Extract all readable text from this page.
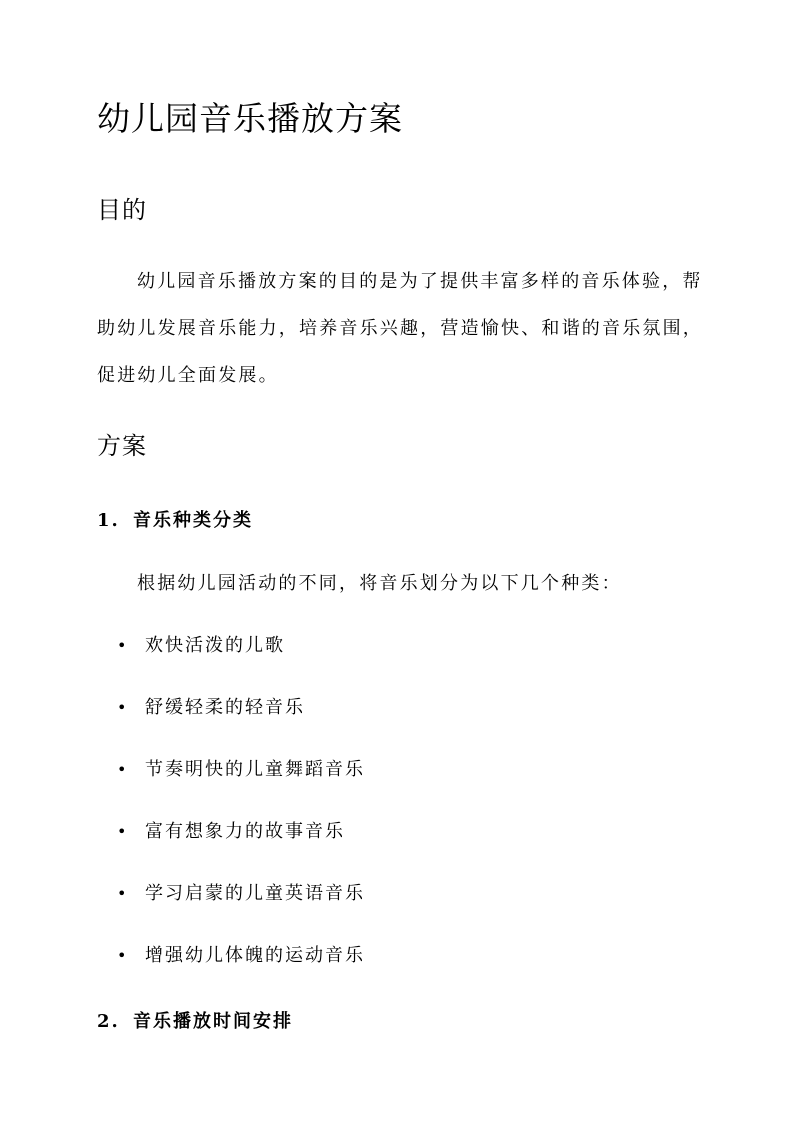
幼儿园音乐播放方案
目的

幼儿园音乐播放方案的目的是为了提供丰富多样的音乐体验，帮助幼儿发展音乐能力，培养音乐兴趣，营造愉快、和谐的音乐氛围，促进幼儿全面发展。

方案
1. 音乐种类分类

根据幼儿园活动的不同，将音乐划分为以下几个种类：

• 欢快活泼的儿歌
• 舒缓轻柔的轻音乐
• 节奏明快的儿童舞蹈音乐
• 富有想象力的故事音乐
• 学习启蒙的儿童英语音乐
• 增强幼儿体魄的运动音乐
2. 音乐播放时间安排
